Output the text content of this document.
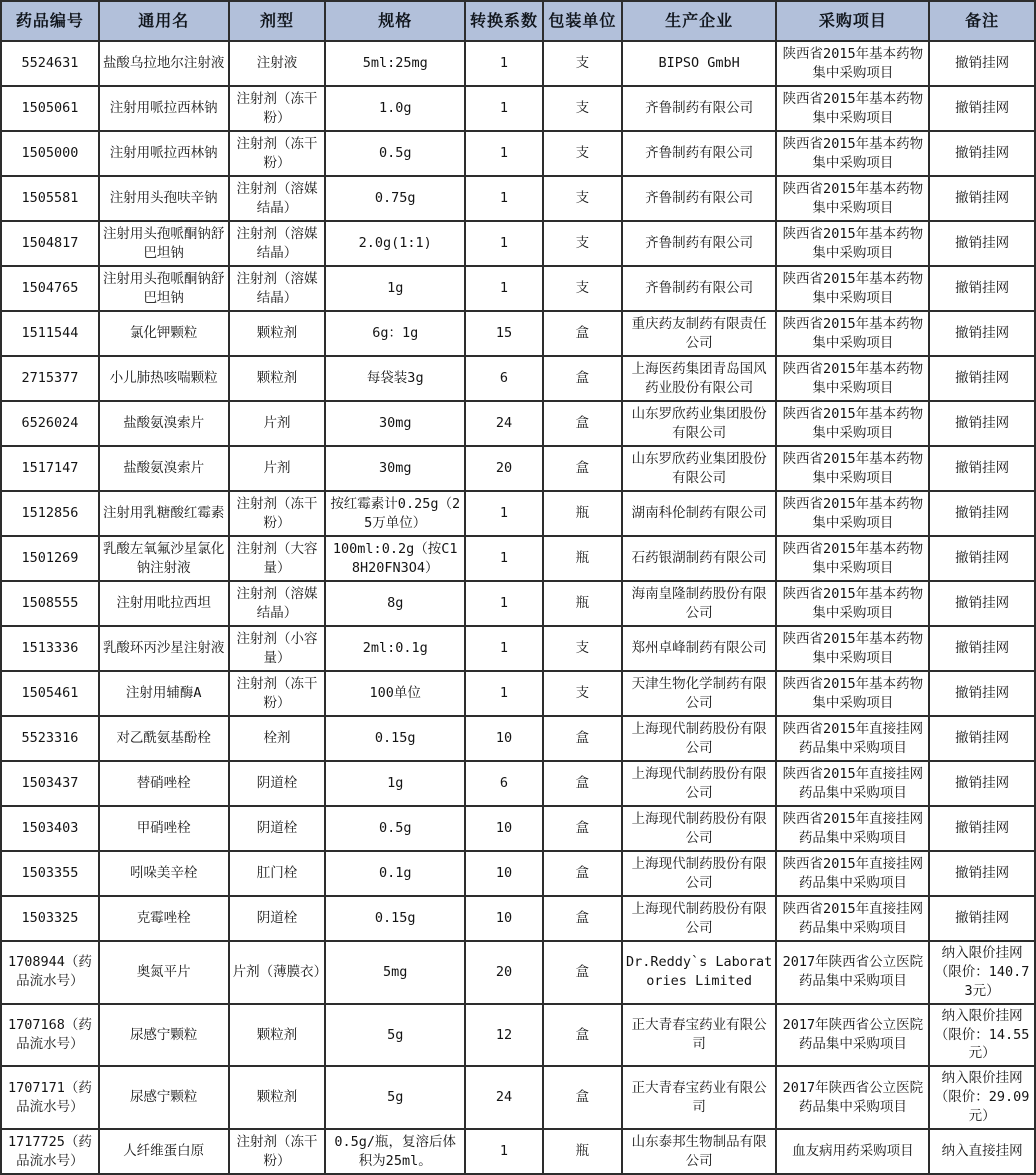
药品编号	通用名	剂型	规格	转换系数	包装单位	生产企业	采购项目	备注
5524631	盐酸乌拉地尔注射液	注射液	5ml:25mg	1	支	BIPSO GmbH	陕西省2015年基本药物集中采购项目	撤销挂网
1505061	注射用哌拉西林钠	注射剂（冻干粉）	1.0g	1	支	齐鲁制药有限公司	陕西省2015年基本药物集中采购项目	撤销挂网
1505000	注射用哌拉西林钠	注射剂（冻干粉）	0.5g	1	支	齐鲁制药有限公司	陕西省2015年基本药物集中采购项目	撤销挂网
1505581	注射用头孢呋辛钠	注射剂（溶媒结晶）	0.75g	1	支	齐鲁制药有限公司	陕西省2015年基本药物集中采购项目	撤销挂网
1504817	注射用头孢哌酮钠舒巴坦钠	注射剂（溶媒结晶）	2.0g(1:1)	1	支	齐鲁制药有限公司	陕西省2015年基本药物集中采购项目	撤销挂网
1504765	注射用头孢哌酮钠舒巴坦钠	注射剂（溶媒结晶）	1g	1	支	齐鲁制药有限公司	陕西省2015年基本药物集中采购项目	撤销挂网
1511544	氯化钾颗粒	颗粒剂	6g：1g	15	盒	重庆药友制药有限责任公司	陕西省2015年基本药物集中采购项目	撤销挂网
2715377	小儿肺热咳喘颗粒	颗粒剂	每袋装3g	6	盒	上海医药集团青岛国风药业股份有限公司	陕西省2015年基本药物集中采购项目	撤销挂网
6526024	盐酸氨溴索片	片剂	30mg	24	盒	山东罗欣药业集团股份有限公司	陕西省2015年基本药物集中采购项目	撤销挂网
1517147	盐酸氨溴索片	片剂	30mg	20	盒	山东罗欣药业集团股份有限公司	陕西省2015年基本药物集中采购项目	撤销挂网
1512856	注射用乳糖酸红霉素	注射剂（冻干粉）	按红霉素计0.25g（25万单位）	1	瓶	湖南科伦制药有限公司	陕西省2015年基本药物集中采购项目	撤销挂网
1501269	乳酸左氧氟沙星氯化钠注射液	注射剂（大容量）	100ml:0.2g（按C18H20FN3O4）	1	瓶	石药银湖制药有限公司	陕西省2015年基本药物集中采购项目	撤销挂网
1508555	注射用吡拉西坦	注射剂（溶媒结晶）	8g	1	瓶	海南皇隆制药股份有限公司	陕西省2015年基本药物集中采购项目	撤销挂网
1513336	乳酸环丙沙星注射液	注射剂（小容量）	2ml:0.1g	1	支	郑州卓峰制药有限公司	陕西省2015年基本药物集中采购项目	撤销挂网
1505461	注射用辅酶A	注射剂（冻干粉）	100单位	1	支	天津生物化学制药有限公司	陕西省2015年基本药物集中采购项目	撤销挂网
5523316	对乙酰氨基酚栓	栓剂	0.15g	10	盒	上海现代制药股份有限公司	陕西省2015年直接挂网药品集中采购项目	撤销挂网
1503437	替硝唑栓	阴道栓	1g	6	盒	上海现代制药股份有限公司	陕西省2015年直接挂网药品集中采购项目	撤销挂网
1503403	甲硝唑栓	阴道栓	0.5g	10	盒	上海现代制药股份有限公司	陕西省2015年直接挂网药品集中采购项目	撤销挂网
1503355	吲哚美辛栓	肛门栓	0.1g	10	盒	上海现代制药股份有限公司	陕西省2015年直接挂网药品集中采购项目	撤销挂网
1503325	克霉唑栓	阴道栓	0.15g	10	盒	上海现代制药股份有限公司	陕西省2015年直接挂网药品集中采购项目	撤销挂网
1708944（药品流水号）	奥氮平片	片剂（薄膜衣）	5mg	20	盒	Dr.Reddy`s Laboratories Limited	2017年陕西省公立医院药品集中采购项目	纳入限价挂网（限价：140.73元）
1707168（药品流水号）	尿感宁颗粒	颗粒剂	5g	12	盒	正大青春宝药业有限公司	2017年陕西省公立医院药品集中采购项目	纳入限价挂网（限价：14.55元）
1707171（药品流水号）	尿感宁颗粒	颗粒剂	5g	24	盒	正大青春宝药业有限公司	2017年陕西省公立医院药品集中采购项目	纳入限价挂网（限价：29.09元）
1717725（药品流水号）	人纤维蛋白原	注射剂（冻干粉）	0.5g/瓶，复溶后体积为25ml。	1	瓶	山东泰邦生物制品有限公司	血友病用药采购项目	纳入直接挂网
